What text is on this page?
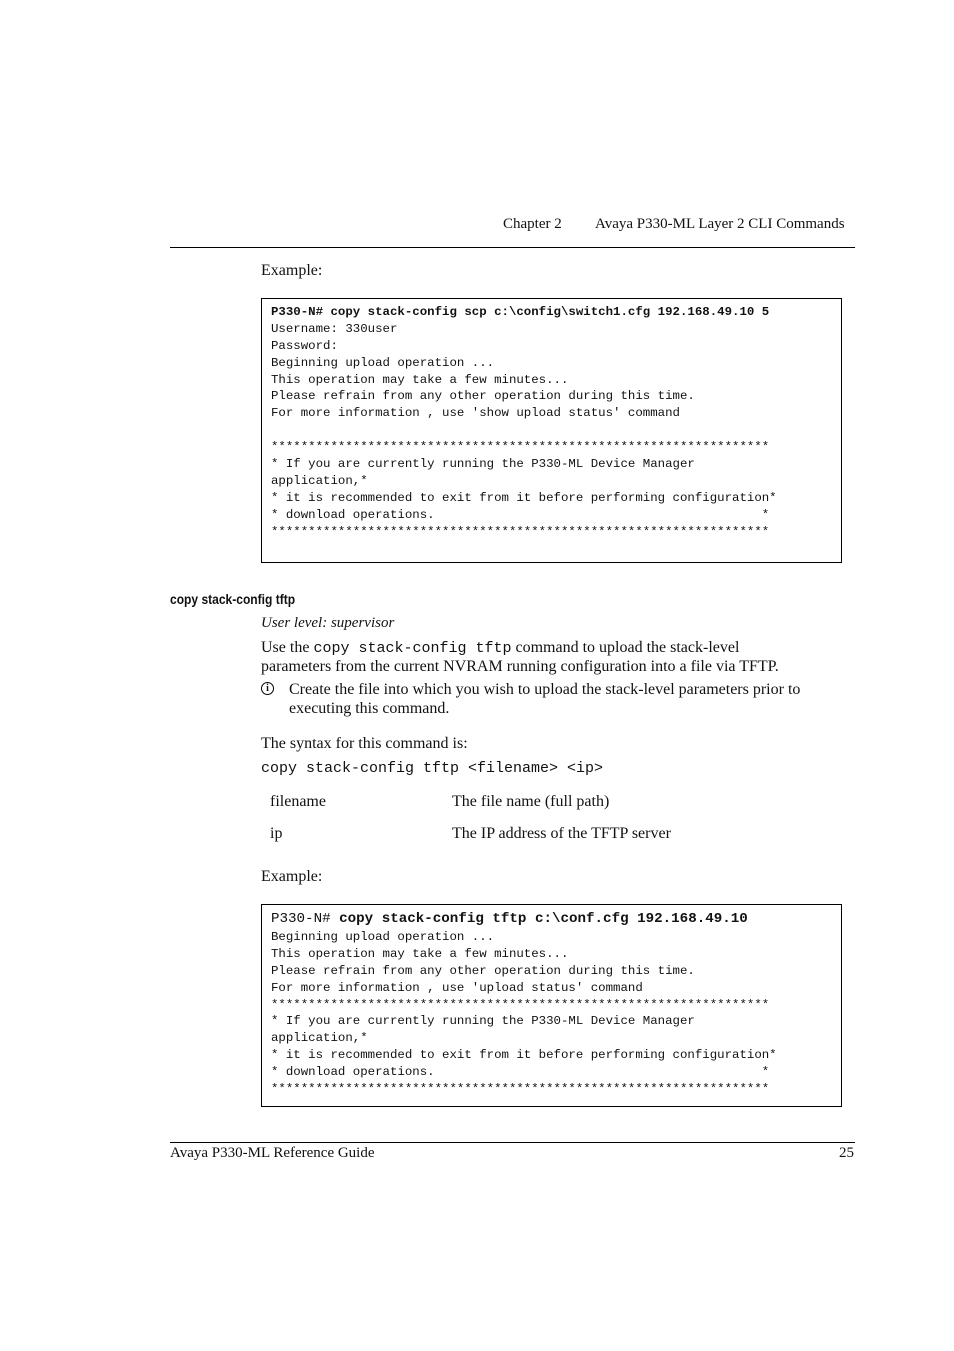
Chapter 2 Avaya P330-ML Layer 2 CLI Commands
Example:
P330-N# copy stack-config scp c:\config\switch1.cfg 192.168.49.10 5
Username: 330user
Password:
Beginning upload operation ...
This operation may take a few minutes...
Please refrain from any other operation during this time.
For more information , use 'show upload status' command
*******************************************************************
* If you are currently running the P330-ML Device Manager
application,*
* it is recommended to exit from it before performing configuration*
* download operations.                                            *
*******************************************************************
copy stack-config tftp
User level: supervisor
Use the copy stack-config tftp command to upload the stack-level
parameters from the current NVRAM running configuration into a file via TFTP.
i	Create the file into which you wish to upload the stack-level parameters prior to
executing this command.
The syntax for this command is:
copy stack-config tftp <filename> <ip>
filename	The file name (full path)
ip	The IP address of the TFTP server
Example:
P330-N# copy stack-config tftp c:\conf.cfg 192.168.49.10
Beginning upload operation ...
This operation may take a few minutes...
Please refrain from any other operation during this time.
For more information , use 'upload status' command
*******************************************************************
* If you are currently running the P330-ML Device Manager
application,*
* it is recommended to exit from it before performing configuration*
* download operations.                                            *
*******************************************************************
Avaya P330-ML Reference Guide	25
